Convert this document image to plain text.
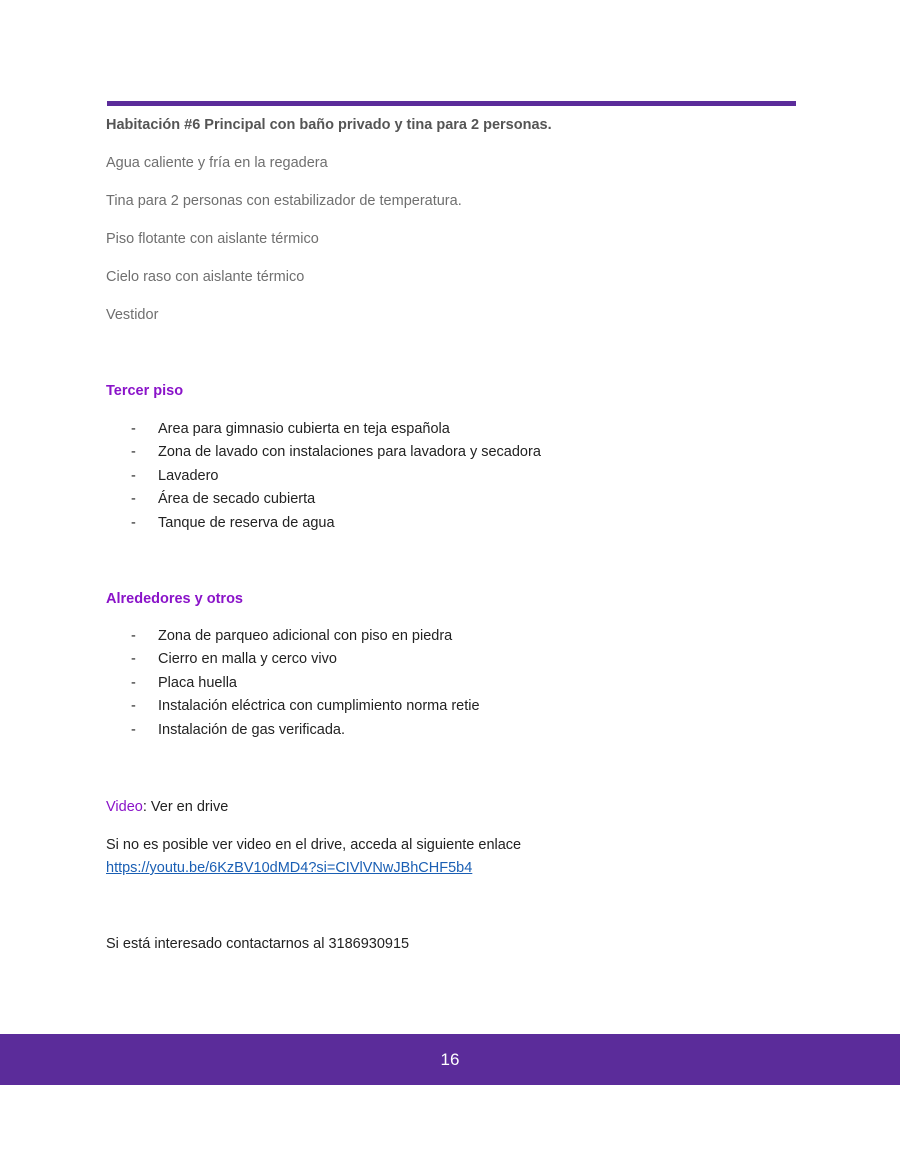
Habitación #6 Principal con baño privado y tina para 2 personas.
Agua caliente y fría en la regadera
Tina para 2 personas con estabilizador de temperatura.
Piso flotante con aislante térmico
Cielo raso con aislante térmico
Vestidor
Tercer piso
- Area para gimnasio cubierta en teja española
- Zona de lavado con instalaciones para lavadora y secadora
- Lavadero
- Área de secado cubierta
- Tanque de reserva de agua
Alrededores y otros
- Zona de parqueo adicional con piso en piedra
- Cierro en malla y cerco vivo
- Placa huella
- Instalación eléctrica con cumplimiento norma retie
- Instalación de gas verificada.
Video: Ver en drive
Si no es posible ver video en el drive, acceda al siguiente enlace
https://youtu.be/6KzBV10dMD4?si=CIVlVNwJBhCHF5b4
Si está interesado contactarnos al 3186930915
16
